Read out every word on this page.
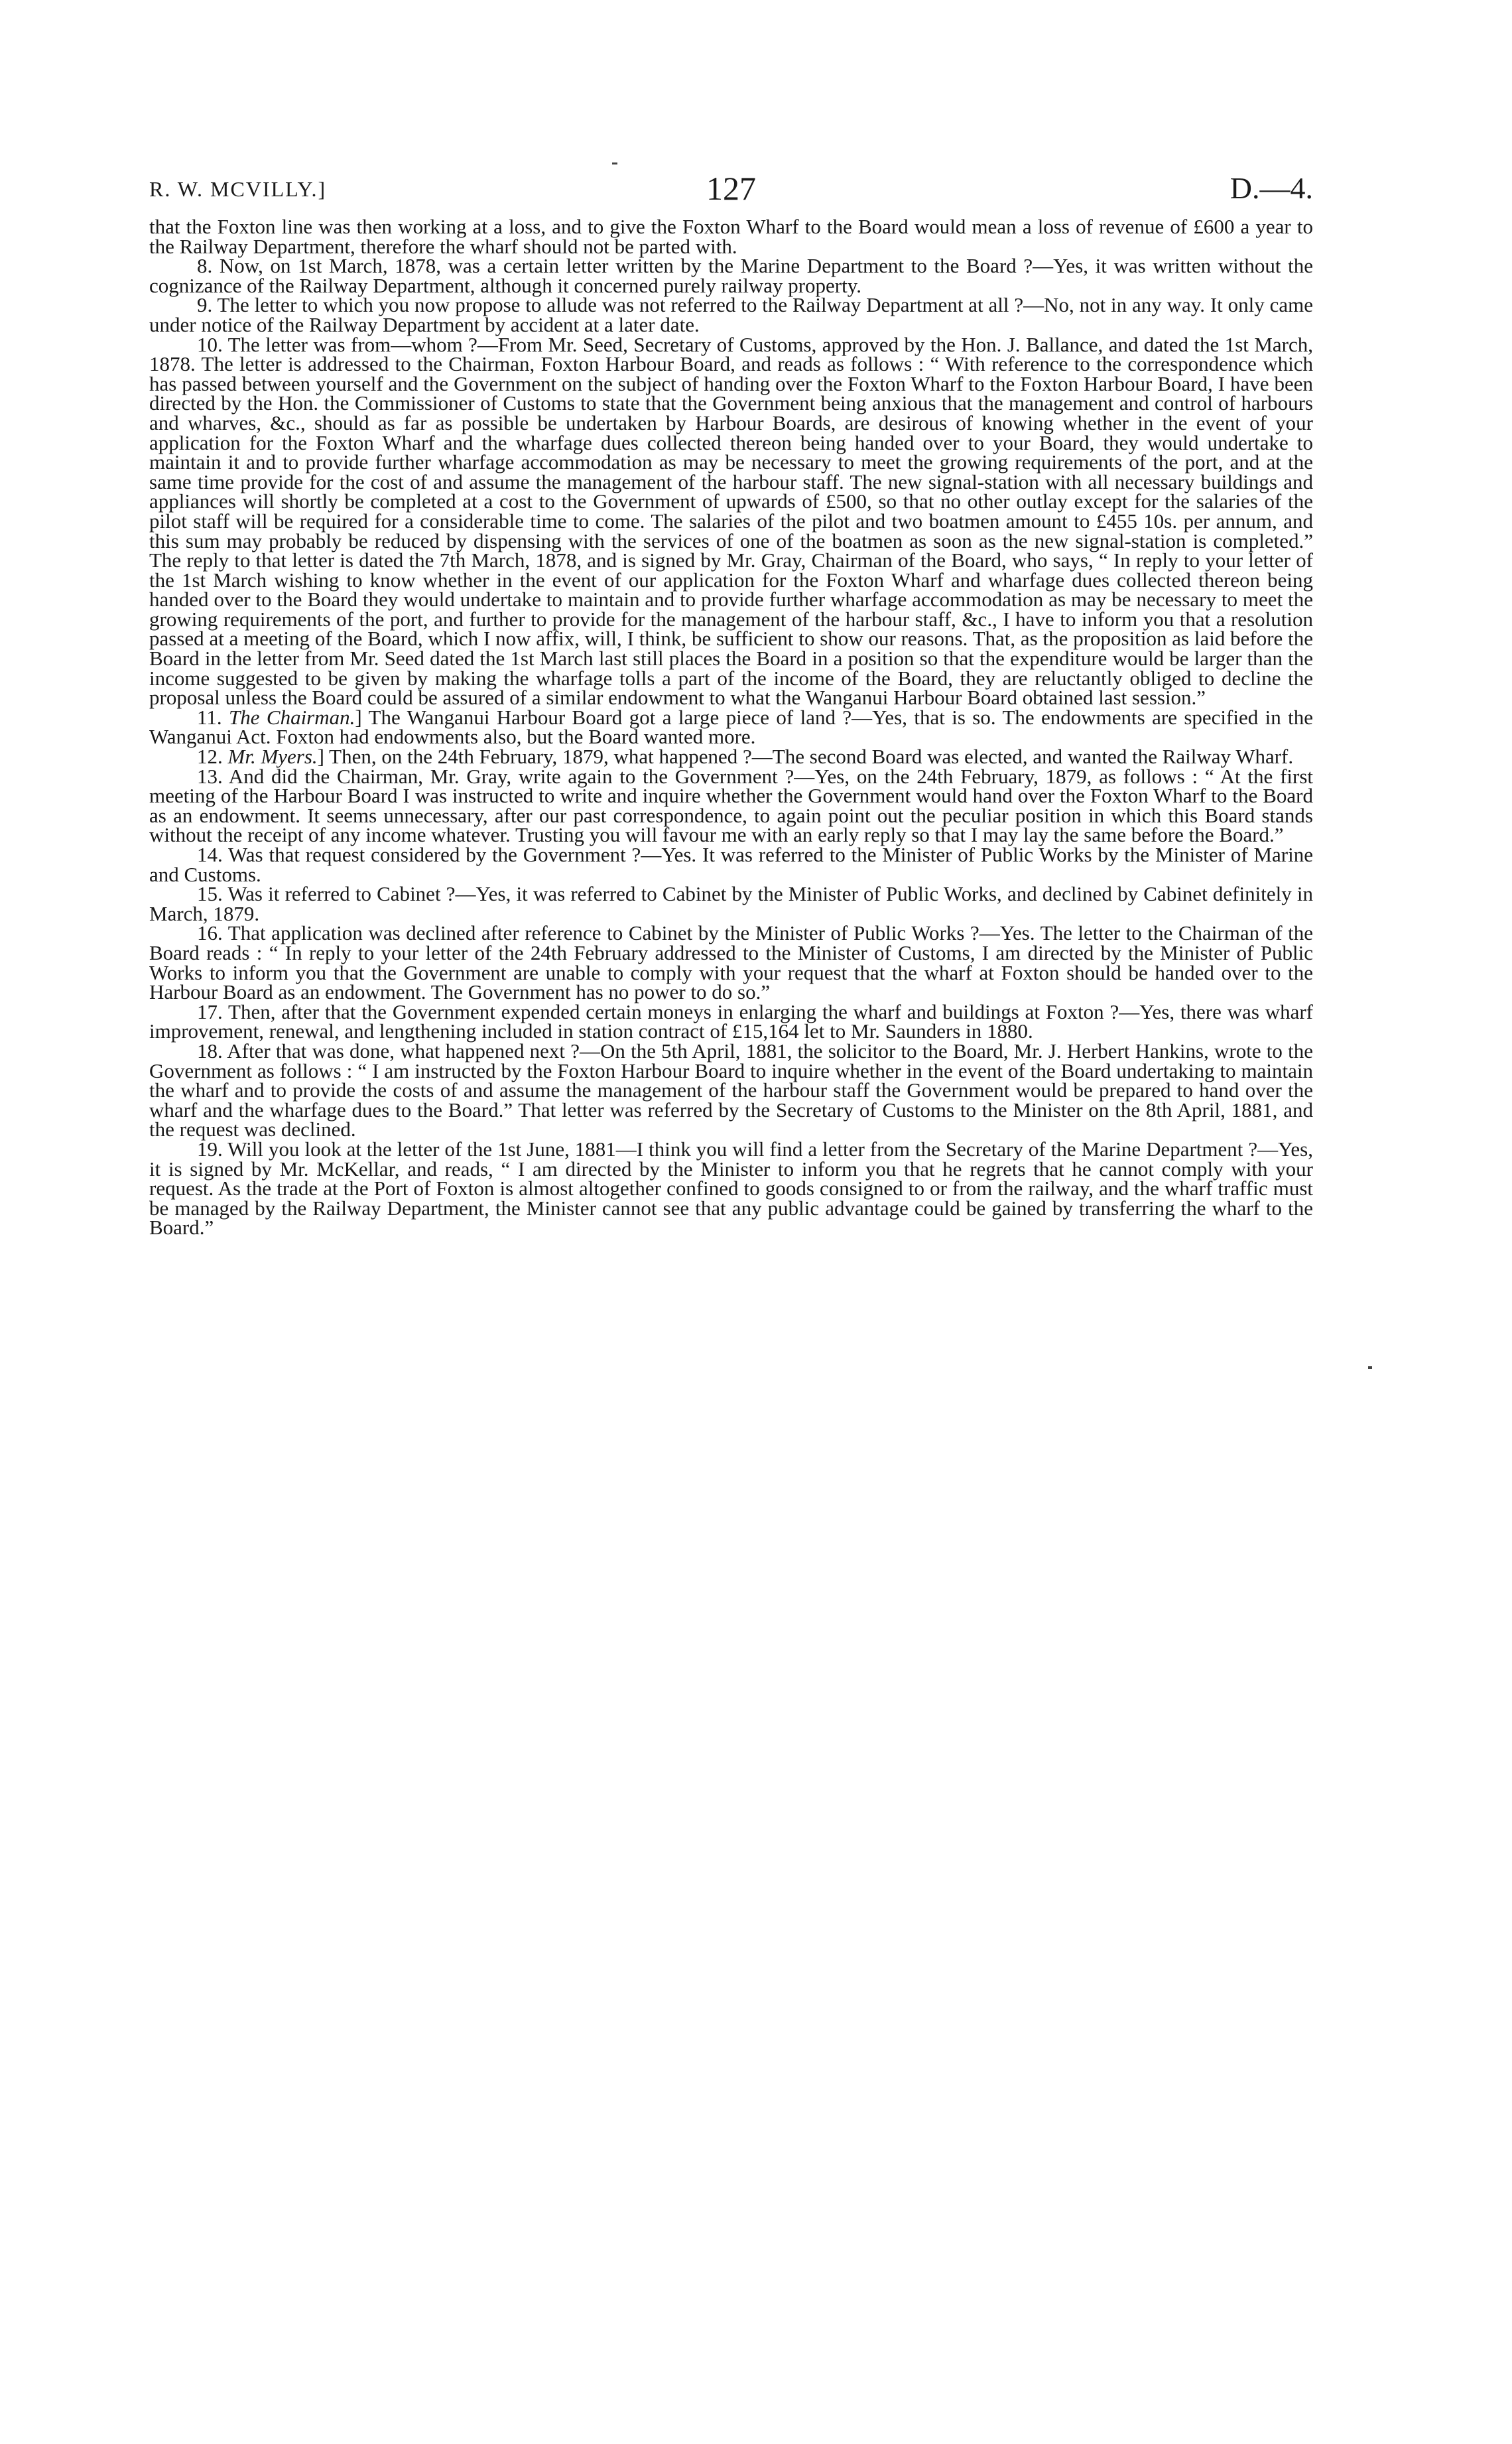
R. W. MCVILLY.]	127	D.—4.

that the Foxton line was then working at a loss, and to give the Foxton Wharf to the Board would mean a loss of revenue of £600 a year to the Railway Department, therefore the wharf should not be parted with.

8. Now, on 1st March, 1878, was a certain letter written by the Marine Department to the Board ?—Yes, it was written without the cognizance of the Railway Department, although it concerned purely railway property.

9. The letter to which you now propose to allude was not referred to the Railway Department at all ?—No, not in any way. It only came under notice of the Railway Department by accident at a later date.

10. The letter was from—whom ?—From Mr. Seed, Secretary of Customs, approved by the Hon. J. Ballance, and dated the 1st March, 1878. The letter is addressed to the Chairman, Foxton Harbour Board, and reads as follows : “ With reference to the correspondence which has passed between yourself and the Government on the subject of handing over the Foxton Wharf to the Foxton Harbour Board, I have been directed by the Hon. the Commissioner of Customs to state that the Government being anxious that the management and control of harbours and wharves, &c., should as far as possible be undertaken by Harbour Boards, are desirous of knowing whether in the event of your application for the Foxton Wharf and the wharfage dues collected thereon being handed over to your Board, they would undertake to maintain it and to provide further wharfage accommodation as may be necessary to meet the growing requirements of the port, and at the same time provide for the cost of and assume the management of the harbour staff. The new signal-station with all necessary buildings and appliances will shortly be completed at a cost to the Government of upwards of £500, so that no other outlay except for the salaries of the pilot staff will be required for a considerable time to come. The salaries of the pilot and two boatmen amount to £455 10s. per annum, and this sum may probably be reduced by dispensing with the services of one of the boatmen as soon as the new signal-station is completed.” The reply to that letter is dated the 7th March, 1878, and is signed by Mr. Gray, Chairman of the Board, who says, “ In reply to your letter of the 1st March wishing to know whether in the event of our application for the Foxton Wharf and wharfage dues collected thereon being handed over to the Board they would undertake to maintain and to provide further wharfage accommodation as may be necessary to meet the growing requirements of the port, and further to provide for the management of the harbour staff, &c., I have to inform you that a resolution passed at a meeting of the Board, which I now affix, will, I think, be sufficient to show our reasons. That, as the proposition as laid before the Board in the letter from Mr. Seed dated the 1st March last still places the Board in a position so that the expenditure would be larger than the income suggested to be given by making the wharfage tolls a part of the income of the Board, they are reluctantly obliged to decline the proposal unless the Board could be assured of a similar endowment to what the Wanganui Harbour Board obtained last session.”

11. The Chairman.] The Wanganui Harbour Board got a large piece of land ?—Yes, that is so. The endowments are specified in the Wanganui Act. Foxton had endowments also, but the Board wanted more.

12. Mr. Myers.] Then, on the 24th February, 1879, what happened ?—The second Board was elected, and wanted the Railway Wharf.

13. And did the Chairman, Mr. Gray, write again to the Government ?—Yes, on the 24th February, 1879, as follows : “ At the first meeting of the Harbour Board I was instructed to write and inquire whether the Government would hand over the Foxton Wharf to the Board as an endowment. It seems unnecessary, after our past correspondence, to again point out the peculiar position in which this Board stands without the receipt of any income whatever. Trusting you will favour me with an early reply so that I may lay the same before the Board.”

14. Was that request considered by the Government ?—Yes. It was referred to the Minister of Public Works by the Minister of Marine and Customs.

15. Was it referred to Cabinet ?—Yes, it was referred to Cabinet by the Minister of Public Works, and declined by Cabinet definitely in March, 1879.

16. That application was declined after reference to Cabinet by the Minister of Public Works ?—Yes. The letter to the Chairman of the Board reads : “ In reply to your letter of the 24th February addressed to the Minister of Customs, I am directed by the Minister of Public Works to inform you that the Government are unable to comply with your request that the wharf at Foxton should be handed over to the Harbour Board as an endowment. The Government has no power to do so.”

17. Then, after that the Government expended certain moneys in enlarging the wharf and buildings at Foxton ?—Yes, there was wharf improvement, renewal, and lengthening included in station contract of £15,164 let to Mr. Saunders in 1880.

18. After that was done, what happened next ?—On the 5th April, 1881, the solicitor to the Board, Mr. J. Herbert Hankins, wrote to the Government as follows : “ I am instructed by the Foxton Harbour Board to inquire whether in the event of the Board undertaking to maintain the wharf and to provide the costs of and assume the management of the harbour staff the Government would be prepared to hand over the wharf and the wharfage dues to the Board.” That letter was referred by the Secretary of Customs to the Minister on the 8th April, 1881, and the request was declined.

19. Will you look at the letter of the 1st June, 1881—I think you will find a letter from the Secretary of the Marine Department ?—Yes, it is signed by Mr. McKellar, and reads, “ I am directed by the Minister to inform you that he regrets that he cannot comply with your request. As the trade at the Port of Foxton is almost altogether confined to goods consigned to or from the railway, and the wharf traffic must be managed by the Railway Department, the Minister cannot see that any public advantage could be gained by transferring the wharf to the Board.”
